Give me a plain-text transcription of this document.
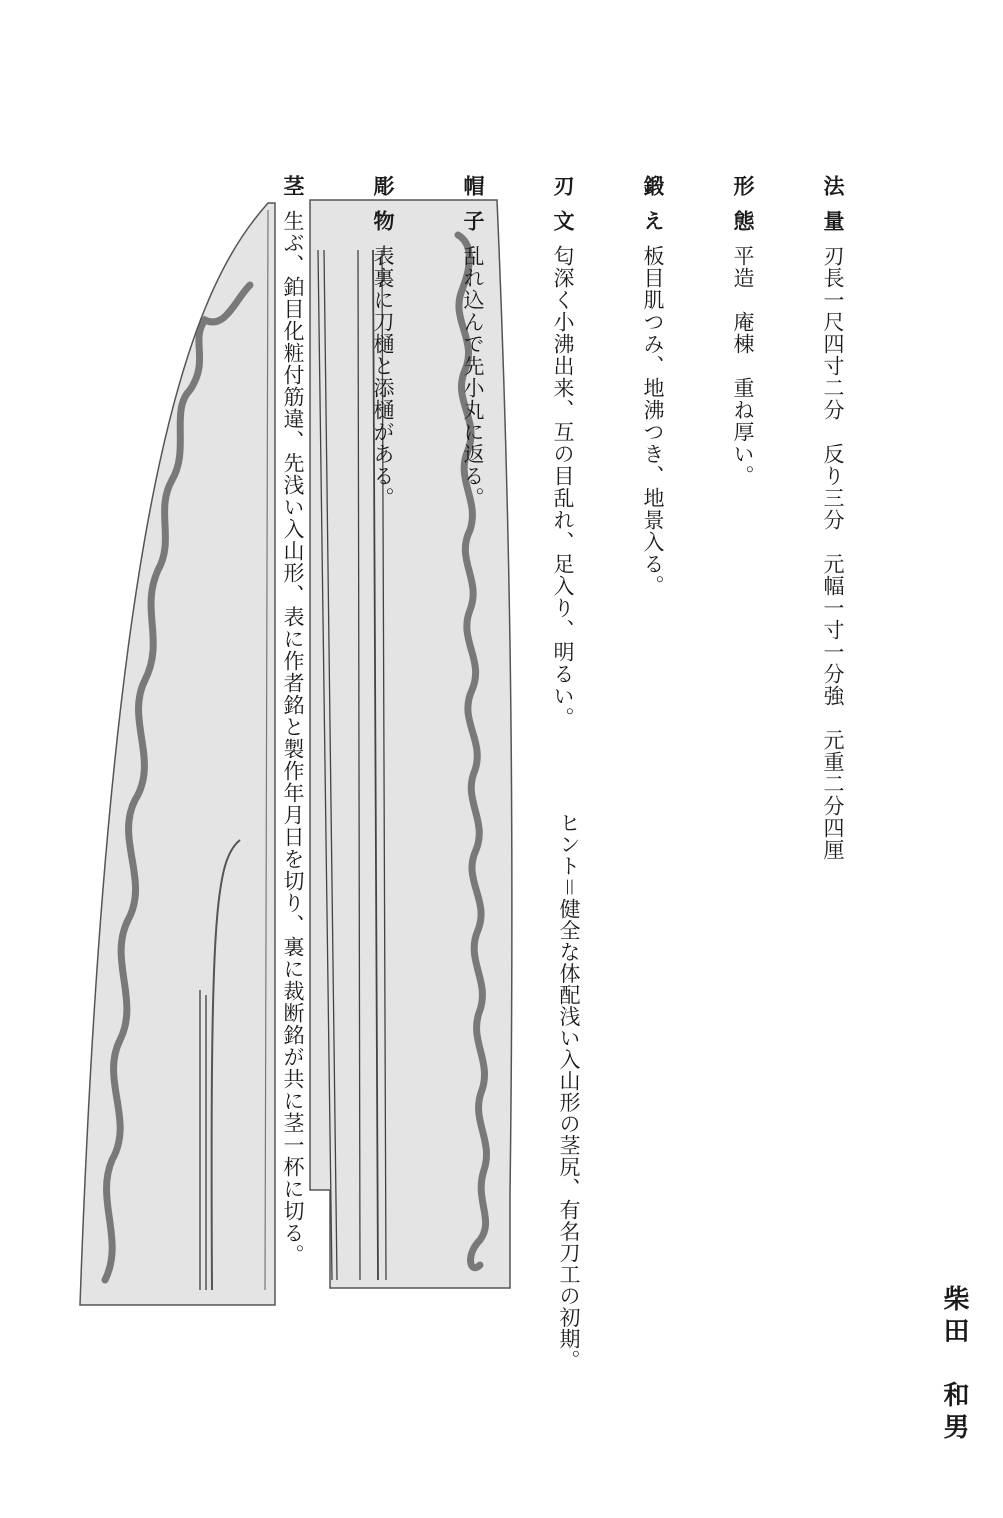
法量刃長一尺四寸二分　反り三分　元幅一寸一分強　元重二分四厘
形態平造　庵棟　重ね厚い。
鍛え板目肌つみ、地沸つき、地景入る。
刃文匂深く小沸出来、互の目乱れ、足入り、明るい。
帽子乱れ込んで先小丸に返る。
彫物表裏に刀樋と添樋がある。
茎生ぶ、鉑目化粧付筋違、先浅い入山形、表に作者銘と製作年月日を切り、裏に裁断銘が共に茎一杯に切る。	ヒント＝健全な体配浅い入山形の茎尻、有名刀工の初期。	柴田　和男
